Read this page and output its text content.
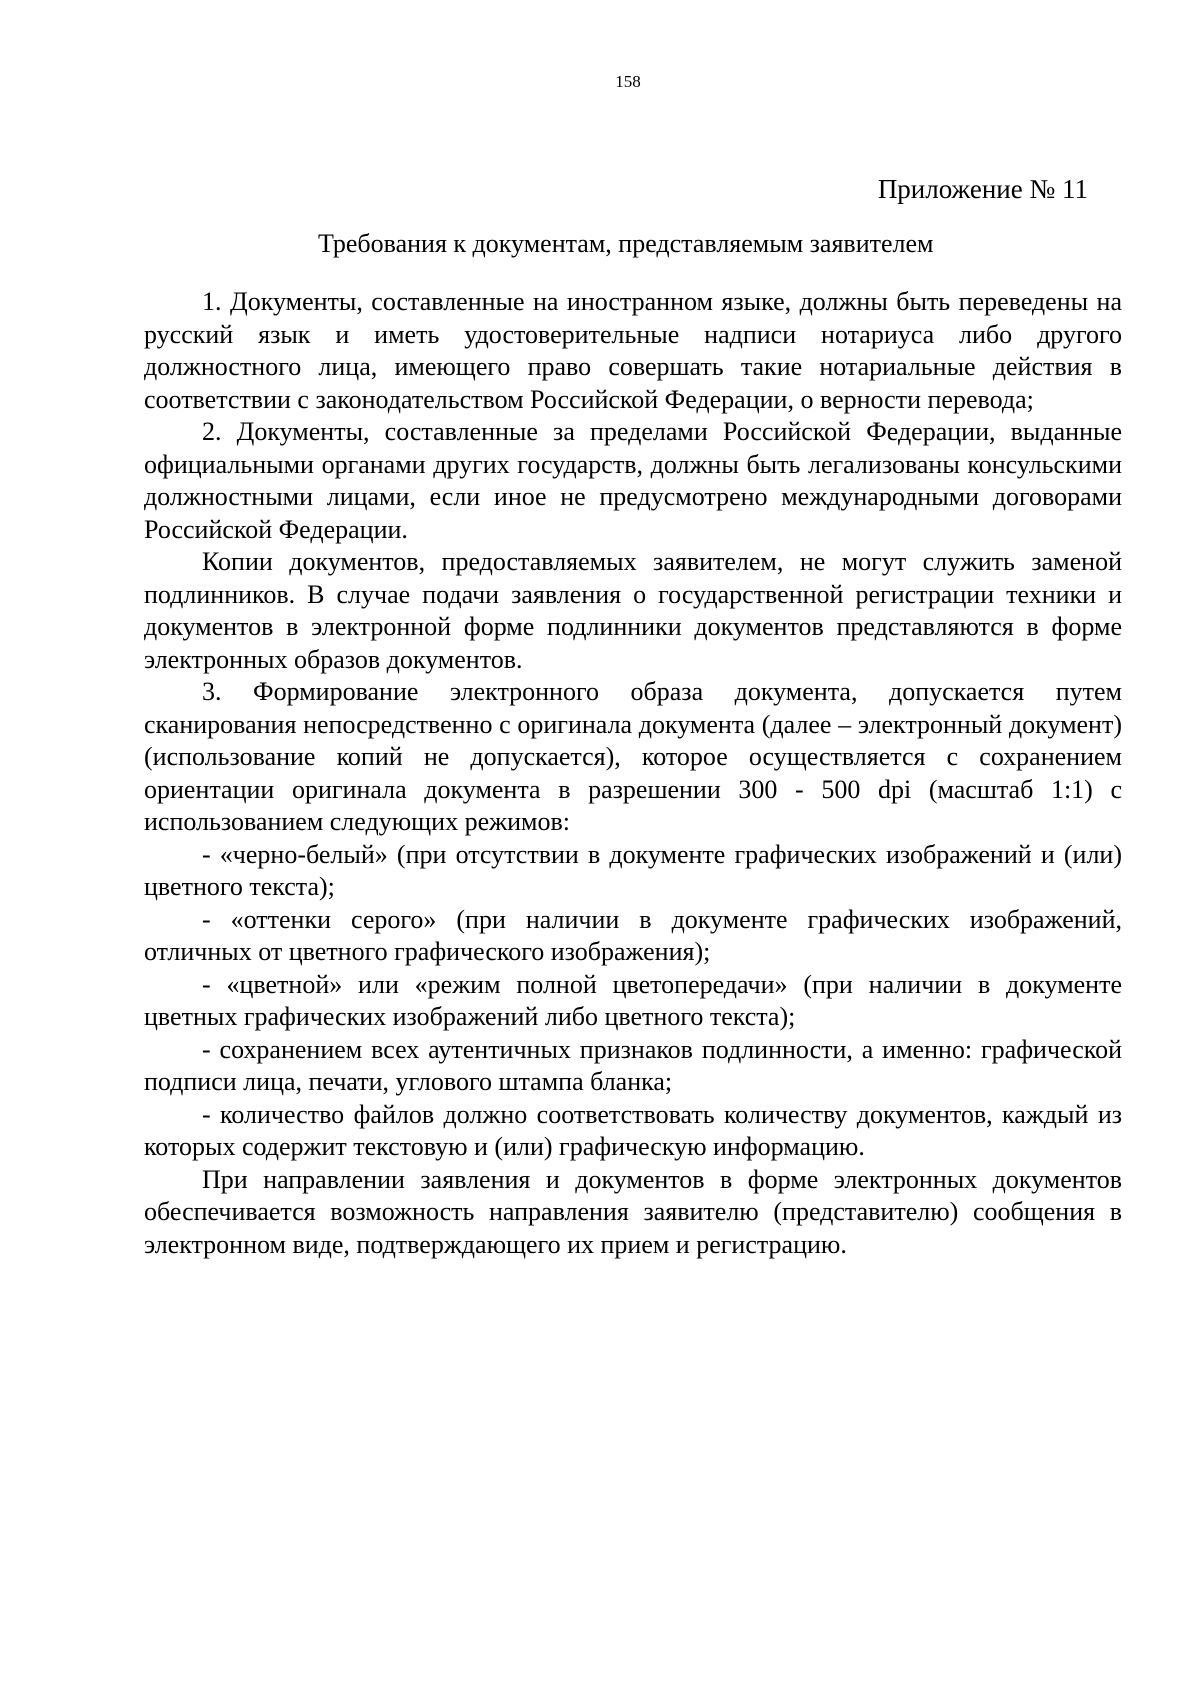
158
Приложение № 11
Требования к документам, представляемым заявителем

1. Документы, составленные на иностранном языке, должны быть переведены на русский язык и иметь удостоверительные надписи нотариуса либо другого должностного лица, имеющего право совершать такие нотариальные действия в соответствии с законодательством Российской Федерации, о верности перевода;

2. Документы, составленные за пределами Российской Федерации, выданные официальными органами других государств, должны быть легализованы консульскими должностными лицами, если иное не предусмотрено международными договорами Российской Федерации.

Копии документов, предоставляемых заявителем, не могут служить заменой подлинников. В случае подачи заявления о государственной регистрации техники и документов в электронной форме подлинники документов представляются в форме электронных образов документов.

3. Формирование электронного образа документа, допускается путем сканирования непосредственно с оригинала документа (далее – электронный документ) (использование копий не допускается), которое осуществляется с сохранением ориентации оригинала документа в разрешении 300 - 500 dpi (масштаб 1:1) с использованием следующих режимов:

- «черно-белый» (при отсутствии в документе графических изображений и (или) цветного текста);

- «оттенки серого» (при наличии в документе графических изображений, отличных от цветного графического изображения);

- «цветной» или «режим полной цветопередачи» (при наличии в документе цветных графических изображений либо цветного текста);

- сохранением всех аутентичных признаков подлинности, а именно: графической подписи лица, печати, углового штампа бланка;

- количество файлов должно соответствовать количеству документов, каждый из которых содержит текстовую и (или) графическую информацию.

При направлении заявления и документов в форме электронных документов обеспечивается возможность направления заявителю (представителю) сообщения в электронном виде, подтверждающего их прием и регистрацию.
